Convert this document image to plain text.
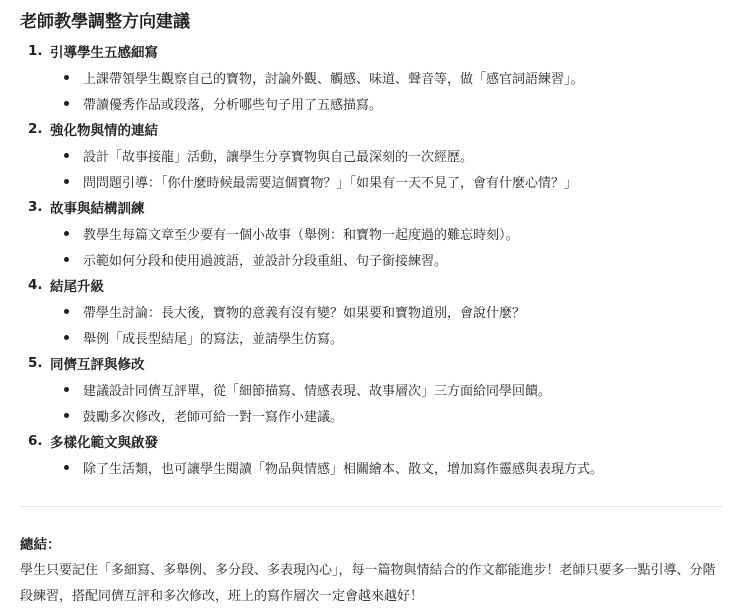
老師教學調整方向建議
1. 引導學生五感細寫
上課帶領學生觀察自己的寶物，討論外觀、觸感、味道、聲音等，做「感官詞語練習」。
帶讀優秀作品或段落，分析哪些句子用了五感描寫。
2. 強化物與情的連結
設計「故事接龍」活動，讓學生分享寶物與自己最深刻的一次經歷。
問問題引導：「你什麼時候最需要這個寶物？」「如果有一天不見了，會有什麼心情？」
3. 故事與結構訓練
教學生每篇文章至少要有一個小故事（舉例：和寶物一起度過的難忘時刻）。
示範如何分段和使用過渡語，並設計分段重組、句子銜接練習。
4. 結尾升級
帶學生討論：長大後，寶物的意義有沒有變？如果要和寶物道別，會說什麼？
舉例「成長型結尾」的寫法，並請學生仿寫。
5. 同儕互評與修改
建議設計同儕互評單，從「細節描寫、情感表現、故事層次」三方面給同學回饋。
鼓勵多次修改，老師可給一對一寫作小建議。
6. 多樣化範文與啟發
除了生活類，也可讓學生閱讀「物品與情感」相關繪本、散文，增加寫作靈感與表現方式。
總結：
學生只要記住「多細寫、多舉例、多分段、多表現內心」，每一篇物與情結合的作文都能進步！老師只要多一點引導、分階段練習，搭配同儕互評和多次修改，班上的寫作層次一定會越來越好！
